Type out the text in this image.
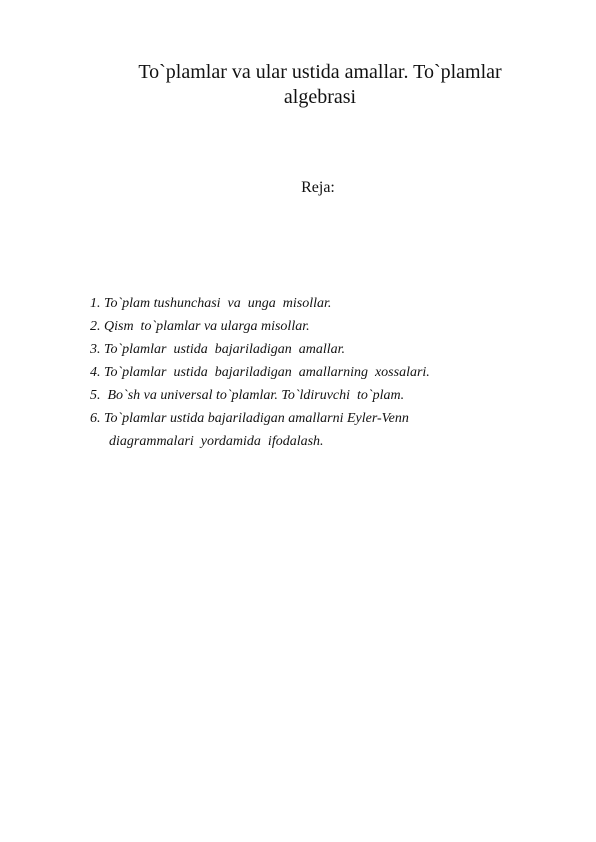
To`plamlar va ular ustida amallar. To`plamlar
algebrasi

Reja:

1. To`plam tushunchasi  va  unga  misollar.
2. Qism  to`plamlar va ularga misollar.
3. To`plamlar  ustida  bajariladigan  amallar.
4. To`plamlar  ustida  bajariladigan  amallarning  xossalari.
5.  Bo`sh va universal to`plamlar. To`ldiruvchi  to`plam.
6. To`plamlar ustida bajariladigan amallarni Eyler-Venn
diagrammalari  yordamida  ifodalash.
